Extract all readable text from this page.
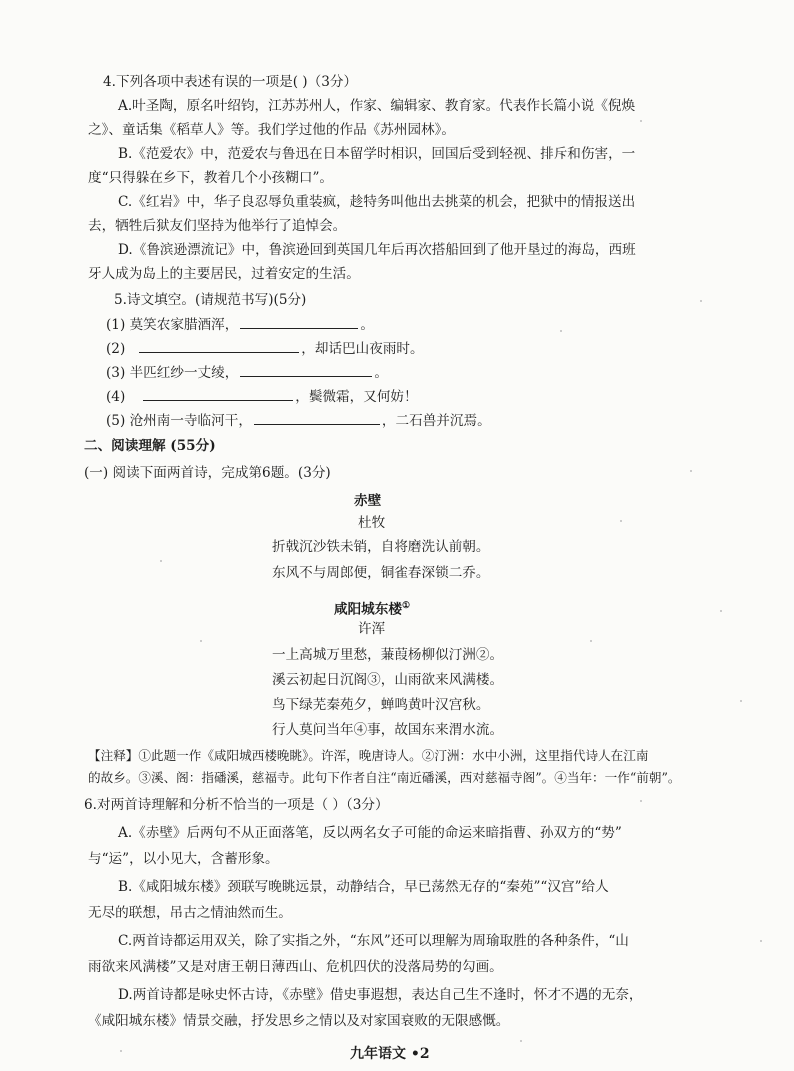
4.下列各项中表述有误的一项是( )（3分）
A.叶圣陶，原名叶绍钧，江苏苏州人，作家、编辑家、教育家。代表作长篇小说《倪焕
之》、童话集《稻草人》等。我们学过他的作品《苏州园林》。
B.《范爱农》中，范爱农与鲁迅在日本留学时相识，回国后受到轻视、排斥和伤害，一
度“只得躲在乡下，教着几个小孩糊口”。
C.《红岩》中，华子良忍辱负重装疯，趁特务叫他出去挑菜的机会，把狱中的情报送出
去，牺牲后狱友们坚持为他举行了追悼会。
D.《鲁滨逊漂流记》中，鲁滨逊回到英国几年后再次搭船回到了他开垦过的海岛，西班
牙人成为岛上的主要居民，过着安定的生活。
5.诗文填空。(请规范书写)(5分)
(1) 莫笑农家腊酒浑，	。
(2)	，却话巴山夜雨时。
(3) 半匹红纱一丈绫，	。
(4)	，鬓微霜，又何妨！
(5) 沧州南一寺临河干，	，二石兽并沉焉。
二、阅读理解 (55分)
(一) 阅读下面两首诗，完成第6题。(3分)
赤壁
杜牧
折戟沉沙铁未销，自将磨洗认前朝。
东风不与周郎便，铜雀春深锁二乔。
咸阳城东楼①
许浑
一上高城万里愁，蒹葭杨柳似汀洲②。
溪云初起日沉阁③，山雨欲来风满楼。
鸟下绿芜秦苑夕，蝉鸣黄叶汉宫秋。
行人莫问当年④事，故国东来渭水流。
【注释】①此题一作《咸阳城西楼晚眺》。许浑，晚唐诗人。②汀洲：水中小洲，这里指代诗人在江南
的故乡。③溪、阁：指磻溪，慈福寺。此句下作者自注“南近磻溪，西对慈福寺阁”。④当年：一作“前朝”。
6.对两首诗理解和分析不恰当的一项是（ ）（3分）
A.《赤壁》后两句不从正面落笔，反以两名女子可能的命运来暗指曹、孙双方的“势”
与“运”，以小见大，含蓄形象。
B.《咸阳城东楼》颈联写晚眺远景，动静结合，早已荡然无存的“秦苑”“汉宫”给人
无尽的联想，吊古之情油然而生。
C.两首诗都运用双关，除了实指之外，“东风”还可以理解为周瑜取胜的各种条件，“山
雨欲来风满楼”又是对唐王朝日薄西山、危机四伏的没落局势的勾画。
D.两首诗都是咏史怀古诗，《赤壁》借史事遐想，表达自己生不逢时，怀才不遇的无奈，
《咸阳城东楼》情景交融，抒发思乡之情以及对家国衰败的无限感慨。
九年语文 •2
